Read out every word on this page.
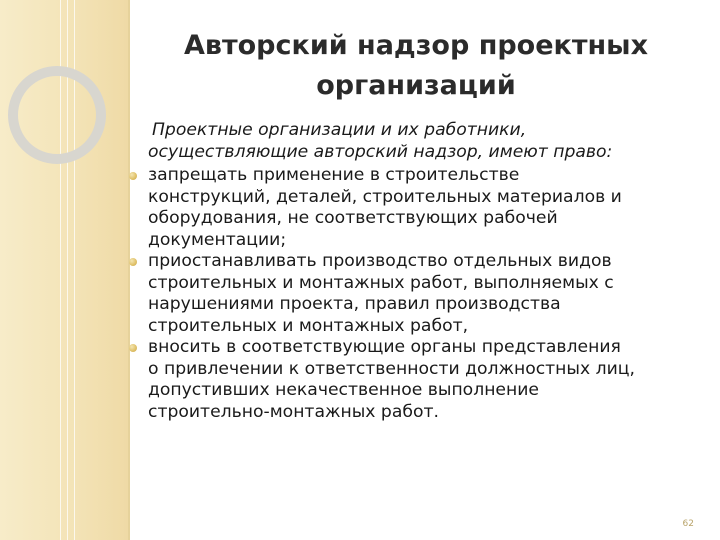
Авторский надзор проектных
организаций
Проектные организации и их работники,
осуществляющие авторский надзор, имеют право:
запрещать применение в строительстве
конструкций, деталей, строительных материалов и
оборудования, не соответствующих рабочей
документации;
приостанавливать производство отдельных видов
строительных и монтажных работ, выполняемых с
нарушениями проекта, правил производства
строительных и монтажных работ,
вносить в соответствующие органы представления
о привлечении к ответственности должностных лиц,
допустивших некачественное выполнение
строительно-монтажных работ.
62
